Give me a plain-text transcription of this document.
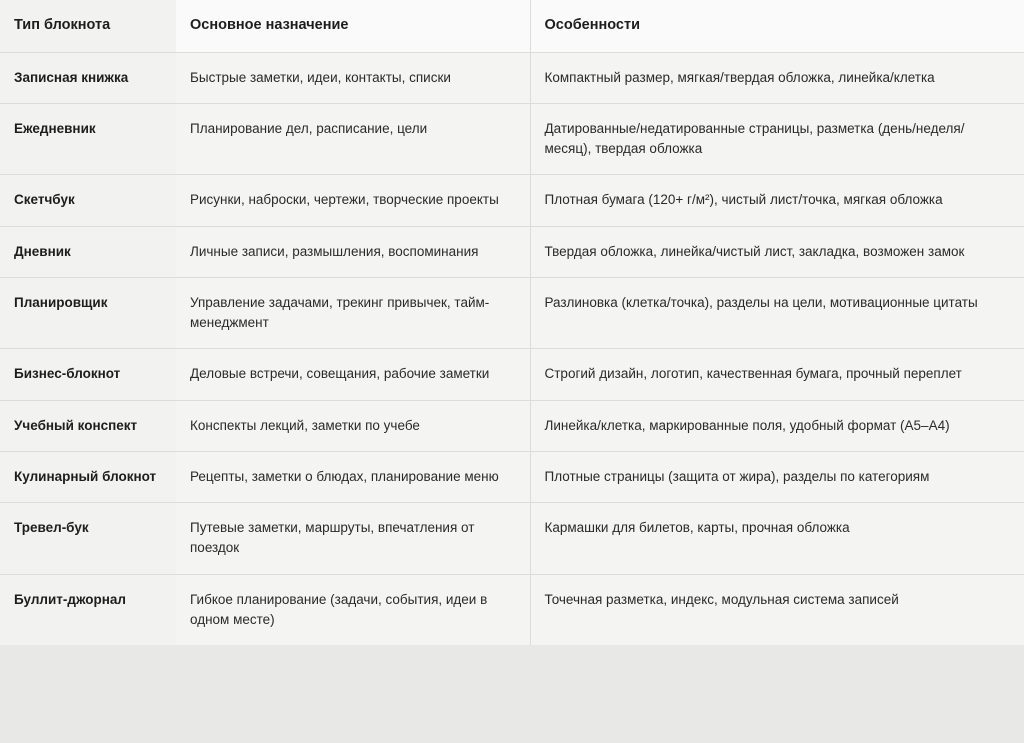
Тип блокнота	Основное назначение	Особенности
Записная книжка	Быстрые заметки, идеи, контакты, списки	Компактный размер, мягкая/твердая обложка, линейка/клетка
Ежедневник	Планирование дел, расписание, цели	Датированные/недатированные страницы, разметка (день/неделя/месяц), твердая обложка
Скетчбук	Рисунки, наброски, чертежи, творческие проекты	Плотная бумага (120+ г/м²), чистый лист/точка, мягкая обложка
Дневник	Личные записи, размышления, воспоминания	Твердая обложка, линейка/чистый лист, закладка, возможен замок
Планировщик	Управление задачами, трекинг привычек, тайм-менеджмент	Разлиновка (клетка/точка), разделы на цели, мотивационные цитаты
Бизнес-блокнот	Деловые встречи, совещания, рабочие заметки	Строгий дизайн, логотип, качественная бумага, прочный переплет
Учебный конспект	Конспекты лекций, заметки по учебе	Линейка/клетка, маркированные поля, удобный формат (А5–А4)
Кулинарный блокнот	Рецепты, заметки о блюдах, планирование меню	Плотные страницы (защита от жира), разделы по категориям
Тревел-бук	Путевые заметки, маршруты, впечатления от поездок	Кармашки для билетов, карты, прочная обложка
Буллит-джорнал	Гибкое планирование (задачи, события, идеи в одном месте)	Точечная разметка, индекс, модульная система записей
